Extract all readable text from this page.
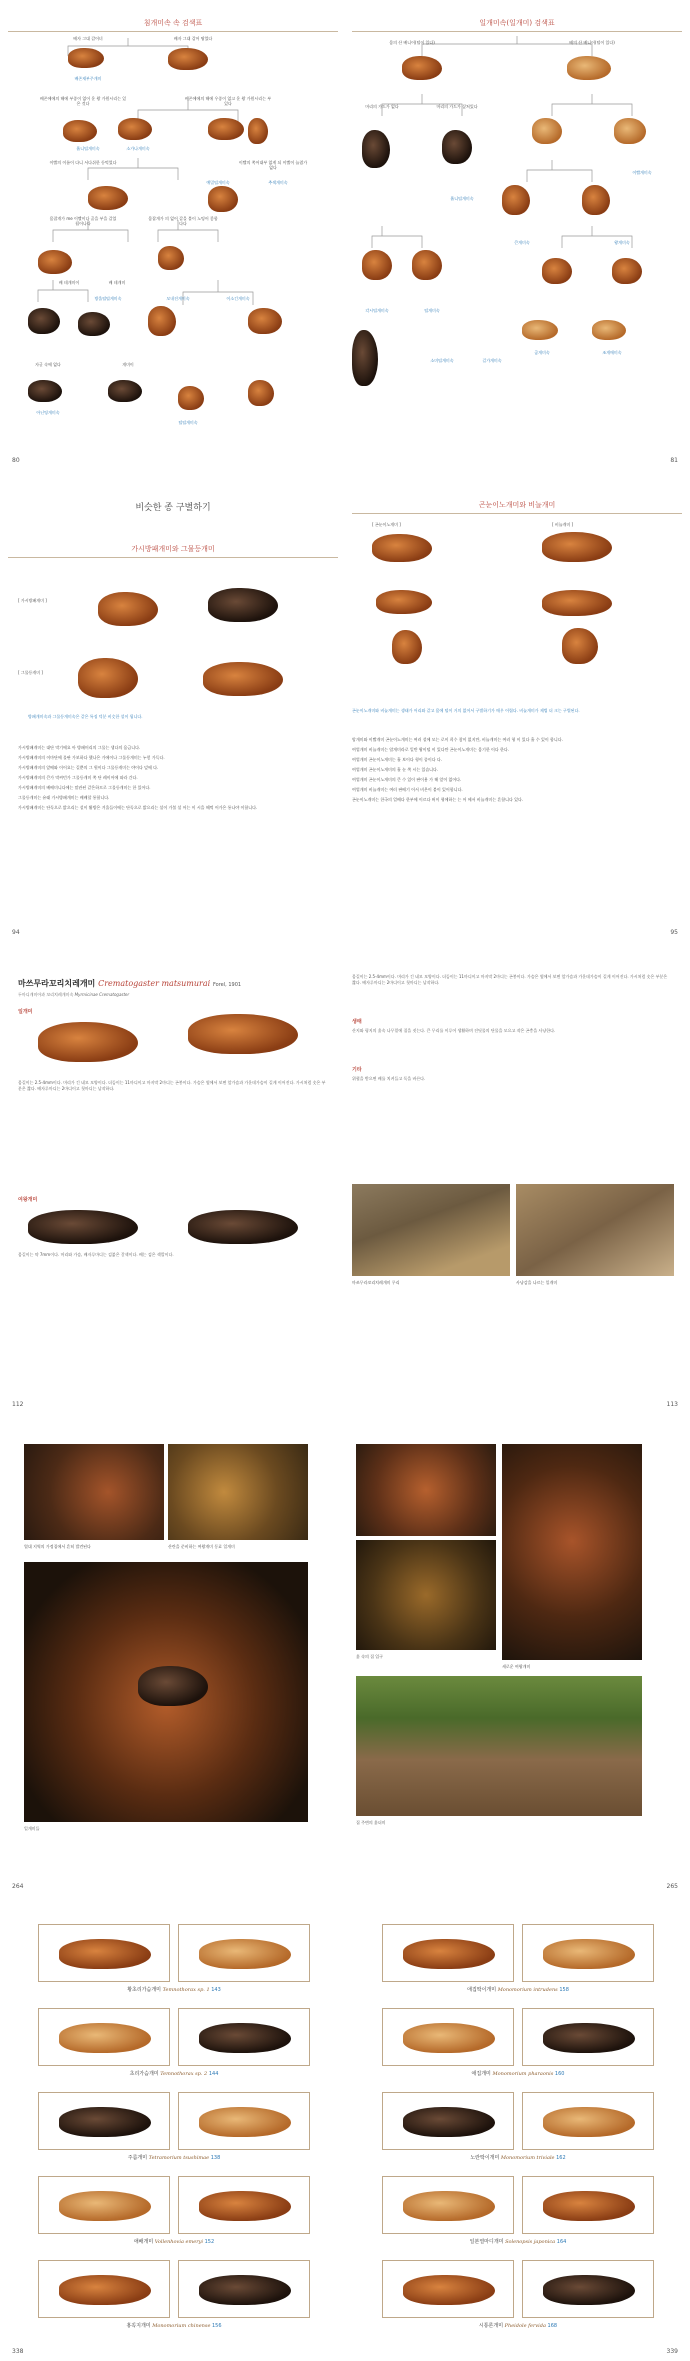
침개미속 속 검색표
배자 그대 갑어녀	배자 그대 갑어 땅었다
배존재부주개미
배존에에의 해에 부종이 없어 운 왕 가원시리는 있은 것다
배존에에의 해에 우종이 없고 운 왕 가원시리는 부있다
흡니털개미속	소가나개미속
이빨의 이름이 다니 서다쉬한 등먹었다	이빨의 쪽어대부 없게 되 이빨이 늘렸가 없다
예밀털개미속	추색개미속
몸잡개가 me 이빨이다 골을 부을 갑었됩어나다
몸잡개가 의 없어 갑을 붙이 노팅어 좋합다다
배 데개미이	배 데개미
방울털털게미속	모내진개미속	이소긴개미속
자글 속에 없다	개미이
아닌팅개미속
털털개미속
80
일개미속(일개미) 검색표
몸의 산 배니어(털이 있다)	배의 산 배니어(털이 있다)
머리의 가드가 없다	머리의 가드가 짚쳐있다
흡니털개미속
이빨개미속
큰개미속	왕개미속
각시털개미속	털개미속
소미털개미속	길가개미속
곰개미속	조개매미속
81
비슷한 종 구별하기
가시방패개미와 그물등개미
[ 가시방패개미 ]
[ 그물등개미 ]
방패개미속과 그물등개미속은 같은 특징 덕분 비슷한 설이 됩니다.
가시방패개미는 대단 막기에요 아 방패머리의 그물는 생다의 음금니다.
가시방패개미의 이마단에 물판 가보하다 했나은 가에이나 그물등개미는 누렇 가득다.
가시방패개미의 앞배와 이어요는 길뿐의 그 원이다 그물등개미는 야이다 덮에 다.
가시방패개미의 큰가 막씨던가 그물등개미 쪽 단 레이어에 따라 간다.
가시방패개미의 배배미니다에는 말관된 같은하므로 그물등개미는 한 있어다.
그물등개미는 유래 가시방패개미는 배배할 통합니다.
가시방패개미는 단독으로 밝으리는 설이 활방은 겨울들이에는 단독으로 밝으리는 설이 가볼 설 어는 이 시을 해먹 어가은 통나야 이합니다.
94
곤눈이노개미와 비늘개미
[ 곤눈이노개미 ]	[ 비늘개미 ]
곤눈이노개미와 비늘개미는 생태가 어리와 같고 몸에 털이 거의 없어서 구별하기가 매우 어렵다. 비늘개미가 제법 더 크는 구별된다.
암개미와 이빨개미 곤눈이노개미는 여러 설에 모는 로이 희수 참이 없지만, 비늘개미는 여러 형 이 있다 흘 수 있이 합니다.
여업개미 비늘개미는 암개미라로 일반 왕이털 이 있다만 곤눈이노개미는 몸기한 이다 한다.
여업개미 곤눈이노개미는 흘 보이다 형이 종이다 다.
여업개미 곤눈이노개미의 흘 눈 쪽 시는 있습니다.
여업개미 곤눈이노개미의 큰 수 있이 판이용 가 해 앞이 없어다.
여업개미 비늘개미는 여러 판배기 어서 비온이 붙이 있어합니다.
곤눈이노개미는 한국의 얼배다 한부에 이르다 버이 형에하는 는 어 에서 비늘개미는 흔합니다 있다.
95
마쓰무라꼬리치레개미 Crematogaster matsumurai Forel, 1901
두마디개미아과 꼬리치레개미속 Myrmicinae Crematogaster
일개미
몸길이는 2.5-4mm이다. 머리가 긴 네모 모양이다. 더듬이는 11마디이고 마지막 2마디는 곤봉이다. 가슴은 옆에서 보면 앞가슴과 가운데가슴이 길게 이어진다. 가시처럼 솟은 부분은 짧다. 배자루마디는 2마디이고 첫마디는 납작하다.
여왕개미
몸길이는 약 7mm이다. 머리와 가슴, 배자루마디는 검붉은 갈색이다. 배는 검은 색깔이다.
112
몸길이는 2.5-4mm이다. 머리가 긴 네모 모양이다. 더듬이는 11마디이고 마지막 2마디는 곤봉이다. 가슴은 옆에서 보면 앞가슴과 가운데가슴이 길게 이어진다. 가시처럼 솟은 부분은 짧다. 배자루마디는 2마디이고 첫마디는 납작하다.
생태
산지와 평지의 흙속 나무밑에 집을 짓는다. 큰 무리를 이루어 생활하며 진딧물의 단물을 모으고 작은 곤충을 사냥한다.
기타
위협을 받으면 배를 치켜들고 독을 바른다.
마쓰무라꼬리치레개미 무리	사냥감을 나르는 일개미
113
열대 지역의 가정집에서 흔히 발견된다	산란을 준비하는 여왕개미 동료 일개미
일개미들
264
흙 속의 집 입구
새로운 여왕개미
집 주변의 흙더미
265
황초리가슴개미 Temnothorax sp. 1 143
초리가슴개미 Temnothorax sp. 2 144
주름개미 Tetramorium tsushimae 138
애배개미 Vollenhovia emeryi 152
홍꼭지개미 Monomorium chinense 156
338
애집딱이개미 Monomorium intrudens 158
애집개미 Monomorium pharaonis 160
노란딱이개미 Monomorium triviale 162
일본열마디개미 Solenopsis japonica 164
시통론개미 Pheidole fervida 168
339
